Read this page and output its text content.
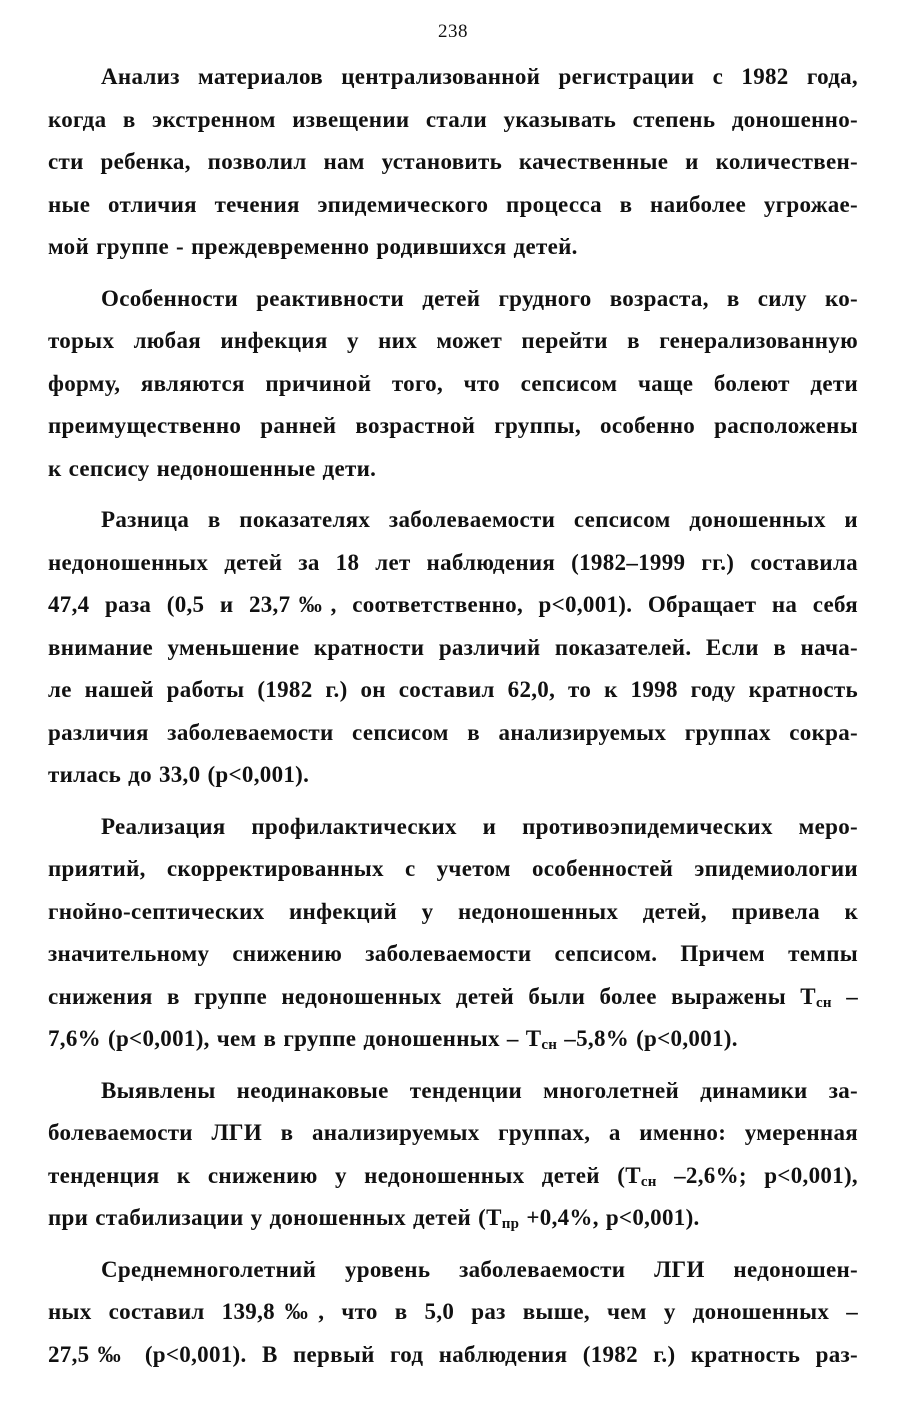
238

Анализ материалов централизованной регистрации с 1982 года,
когда в экстренном извещении стали указывать степень доношенно-
сти ребенка, позволил нам установить качественные и количествен-
ные отличия течения эпидемического процесса в наиболее угрожае-
мой группе - преждевременно родившихся детей.

Особенности реактивности детей грудного возраста, в силу ко-
торых любая инфекция у них может перейти в генерализованную
форму, являются причиной того, что сепсисом чаще болеют дети
преимущественно ранней возрастной группы, особенно расположены
к сепсису недоношенные дети.

Разница в показателях заболеваемости сепсисом доношенных и
недоношенных детей за 18 лет наблюдения (1982–1999 гг.) составила
47,4 раза (0,5 и 23,7‰, соответственно, р<0,001). Обращает на себя
внимание уменьшение кратности различий показателей. Если в нача-
ле нашей работы (1982 г.) он составил 62,0, то к 1998 году кратность
различия заболеваемости сепсисом в анализируемых группах сокра-
тилась до 33,0 (р<0,001).

Реализация профилактических и противоэпидемических меро-
приятий, скорректированных с учетом особенностей эпидемиологии
гнойно-септических инфекций у недоношенных детей, привела к
значительному снижению заболеваемости сепсисом. Причем темпы
снижения в группе недоношенных детей были более выражены $Т_{сн}$ –
7,6% (р<0,001), чем в группе доношенных – $Т_{сн}$ –5,8% (р<0,001).

Выявлены неодинаковые тенденции многолетней динамики за-
болеваемости ЛГИ в анализируемых группах, а именно: умеренная
тенденция к снижению у недоношенных детей ($Т_{сн}$ –2,6%; р<0,001),
при стабилизации у доношенных детей ($Т_{пр} +0,4\%$, р<0,001).

Среднемноголетний уровень заболеваемости ЛГИ недоношен-
ных составил 139,8‰, что в 5,0 раз выше, чем у доношенных –
27,5‰ (р<0,001). В первый год наблюдения (1982 г.) кратность раз-
